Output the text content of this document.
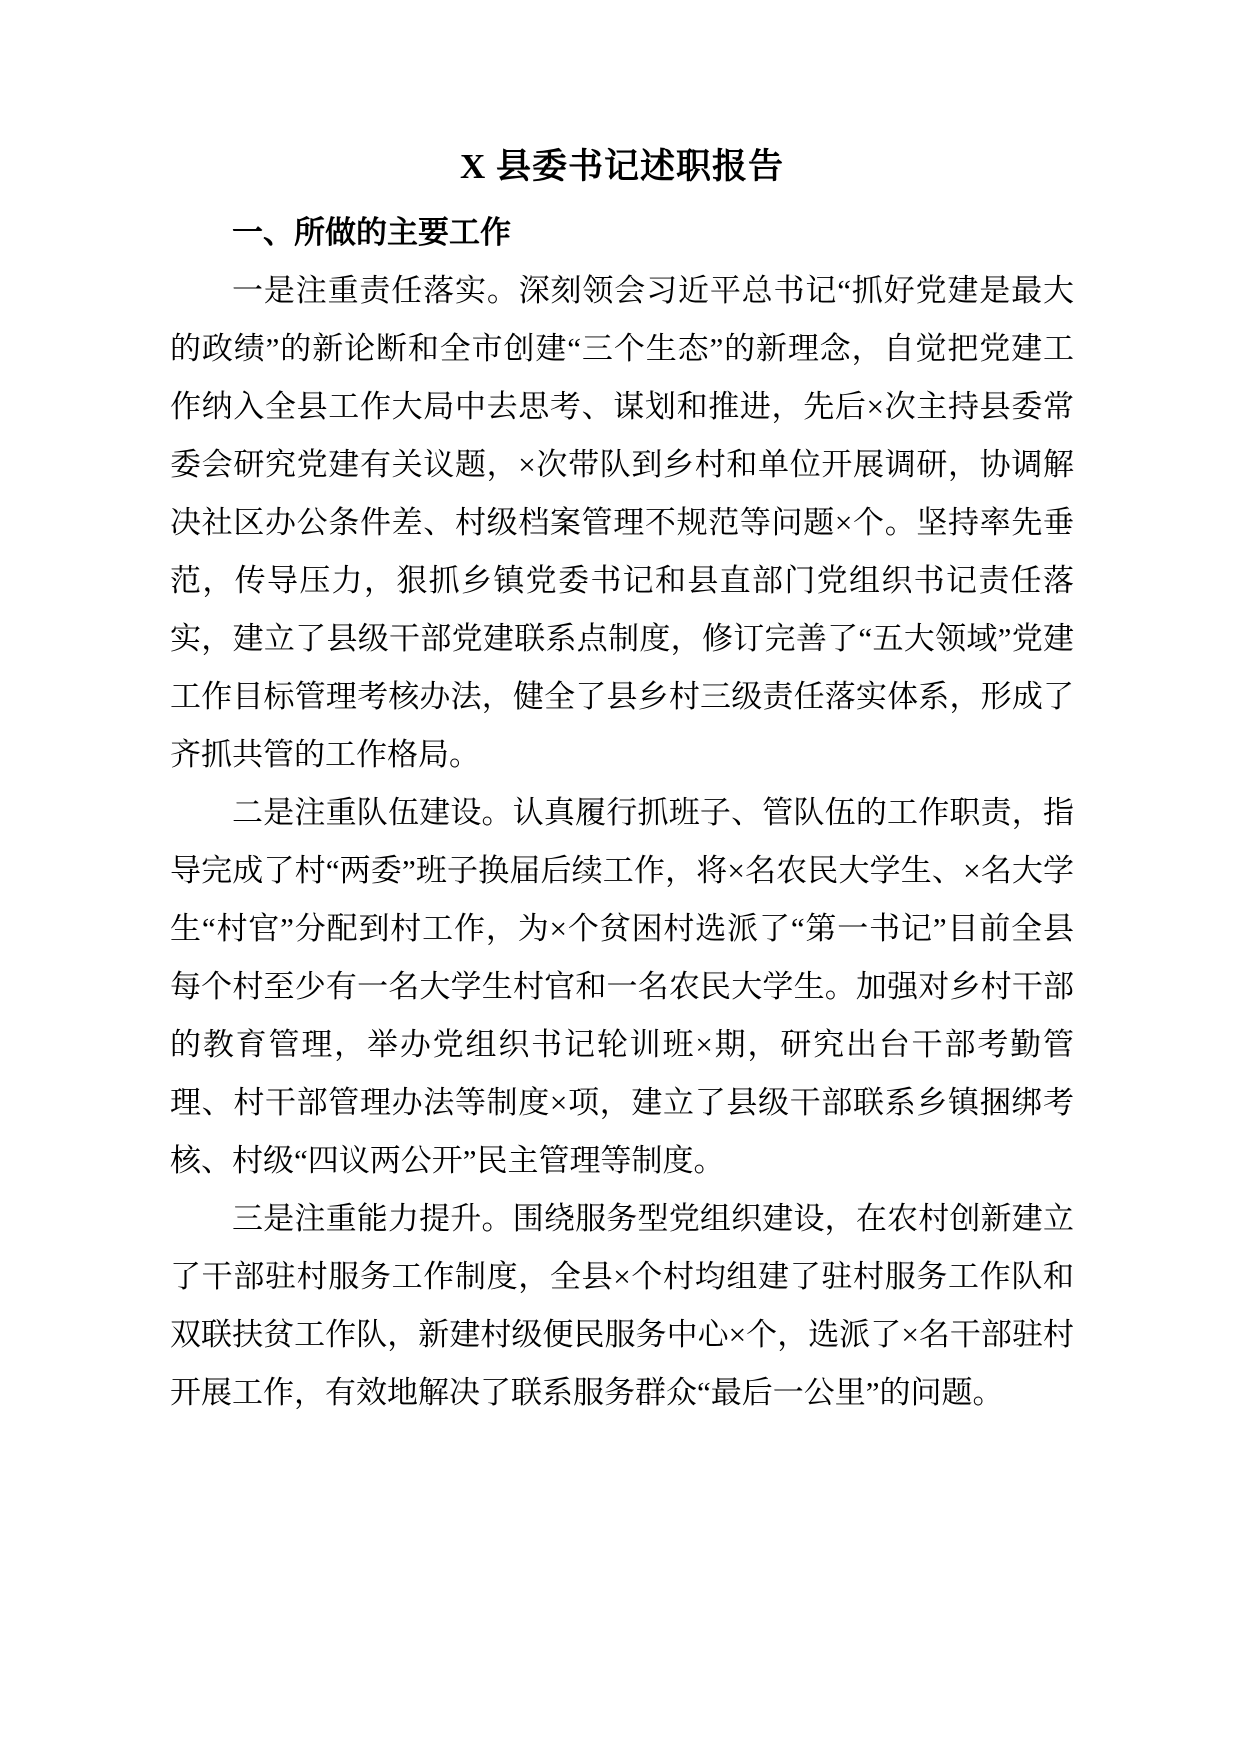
X 县委书记述职报告
一、所做的主要工作

一是注重责任落实。深刻领会习近平总书记“抓好党建是最大的政绩”的新论断和全市创建“三个生态”的新理念，自觉把党建工作纳入全县工作大局中去思考、谋划和推进，先后×次主持县委常委会研究党建有关议题，×次带队到乡村和单位开展调研，协调解决社区办公条件差、村级档案管理不规范等问题×个。坚持率先垂范，传导压力，狠抓乡镇党委书记和县直部门党组织书记责任落实，建立了县级干部党建联系点制度，修订完善了“五大领域”党建工作目标管理考核办法，健全了县乡村三级责任落实体系，形成了齐抓共管的工作格局。

二是注重队伍建设。认真履行抓班子、管队伍的工作职责，指导完成了村“两委”班子换届后续工作，将×名农民大学生、×名大学生“村官”分配到村工作，为×个贫困村选派了“第一书记”目前全县每个村至少有一名大学生村官和一名农民大学生。加强对乡村干部的教育管理，举办党组织书记轮训班×期，研究出台干部考勤管理、村干部管理办法等制度×项，建立了县级干部联系乡镇捆绑考核、村级“四议两公开”民主管理等制度。

三是注重能力提升。围绕服务型党组织建设，在农村创新建立了干部驻村服务工作制度，全县×个村均组建了驻村服务工作队和双联扶贫工作队，新建村级便民服务中心×个，选派了×名干部驻村开展工作，有效地解决了联系服务群众“最后一公里”的问题。
